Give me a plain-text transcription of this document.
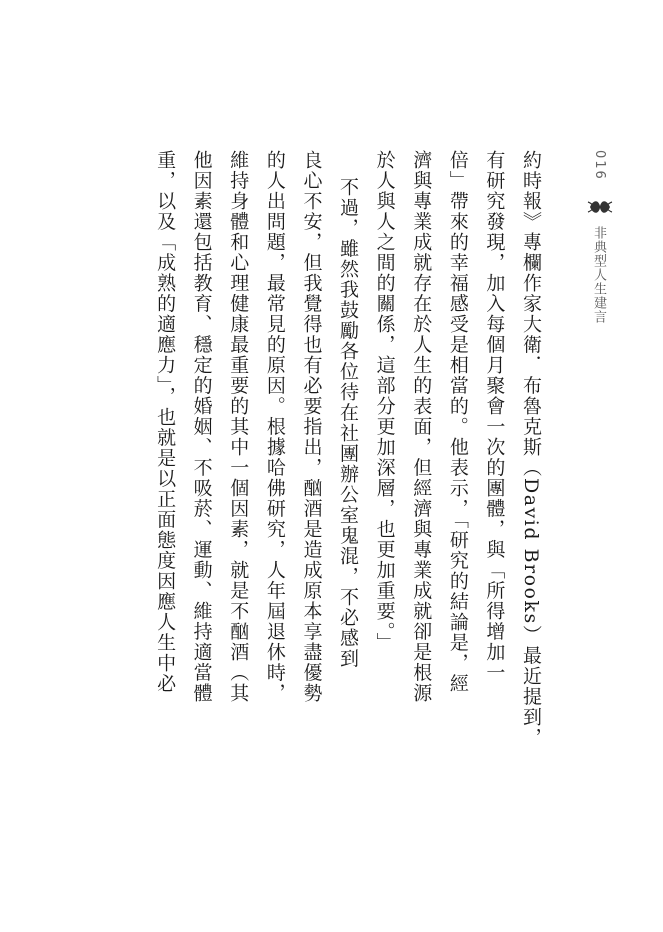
016
非典型人生建言
約時報》專欄作家大衛．布魯克斯（David Brooks）最近提到，
有研究發現，加入每個月聚會一次的團體，與「所得增加一
倍」帶來的幸福感受是相當的。他表示，「研究的結論是，經
濟與專業成就存在於人生的表面，但經濟與專業成就卻是根源
於人與人之間的關係，這部分更加深層，也更加重要。」
不過，雖然我鼓勵各位待在社團辦公室鬼混，不必感到
良心不安，但我覺得也有必要指出，酗酒是造成原本享盡優勢
的人出問題，最常見的原因。根據哈佛研究，人年屆退休時，
維持身體和心理健康最重要的其中一個因素，就是不酗酒（其
他因素還包括教育、穩定的婚姻、不吸菸、運動、維持適當體
重，以及「成熟的適應力」，也就是以正面態度因應人生中必
